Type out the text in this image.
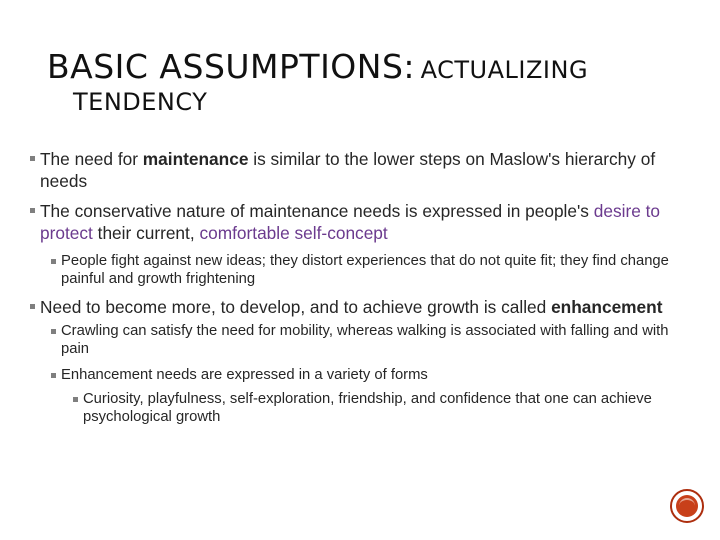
BASIC ASSUMPTIONS: ACTUALIZING
TENDENCY
The need for maintenance is similar to the lower steps on Maslow's hierarchy of needs
The conservative nature of maintenance needs is expressed in people's desire to protect their current, comfortable self-concept
People fight against new ideas; they distort experiences that do not quite fit; they find change painful and growth frightening
Need to become more, to develop, and to achieve growth is called enhancement
Crawling can satisfy the need for mobility, whereas walking is associated with falling and with pain
Enhancement needs are expressed in a variety of forms
Curiosity, playfulness, self-exploration, friendship, and confidence that one can achieve psychological growth
